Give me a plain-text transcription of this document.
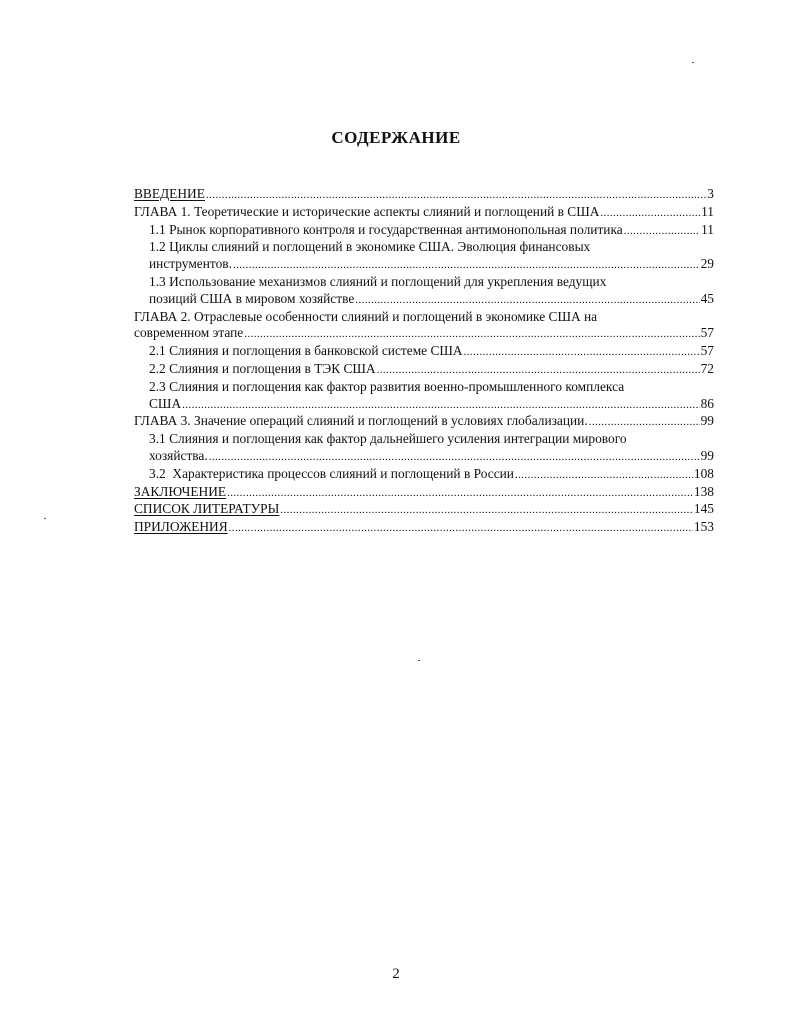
СОДЕРЖАНИЕ
ВВЕДЕНИЕ .....	3
ГЛАВА 1. Теоретические и исторические аспекты слияний и поглощений в США .....	11
1.1 Рынок корпоративного контроля и государственная антимонопольная политика .....	11
1.2 Циклы слияний и поглощений в экономике США. Эволюция финансовых
инструментов. .....	29
1.3 Использование механизмов слияний и поглощений для укрепления ведущих
позиций США в мировом хозяйстве .....	45
ГЛАВА 2. Отраслевые особенности слияний и поглощений в экономике США на
современном этапе .....	57
2.1 Слияния и поглощения в банковской системе США .....	57
2.2 Слияния и поглощения в ТЭК США .....	72
2.3 Слияния и поглощения как фактор развития военно-промышленного комплекса
США .....	86
ГЛАВА 3. Значение операций слияний и поглощений в условиях глобализации. .....	99
3.1 Слияния и поглощения как фактор дальнейшего усиления интеграции мирового
хозяйства. .....	99
3.2  Характеристика процессов слияний и поглощений в России .....	108
ЗАКЛЮЧЕНИЕ .....	138
СПИСОК ЛИТЕРАТУРЫ .....	145
ПРИЛОЖЕНИЯ .....	153
2
